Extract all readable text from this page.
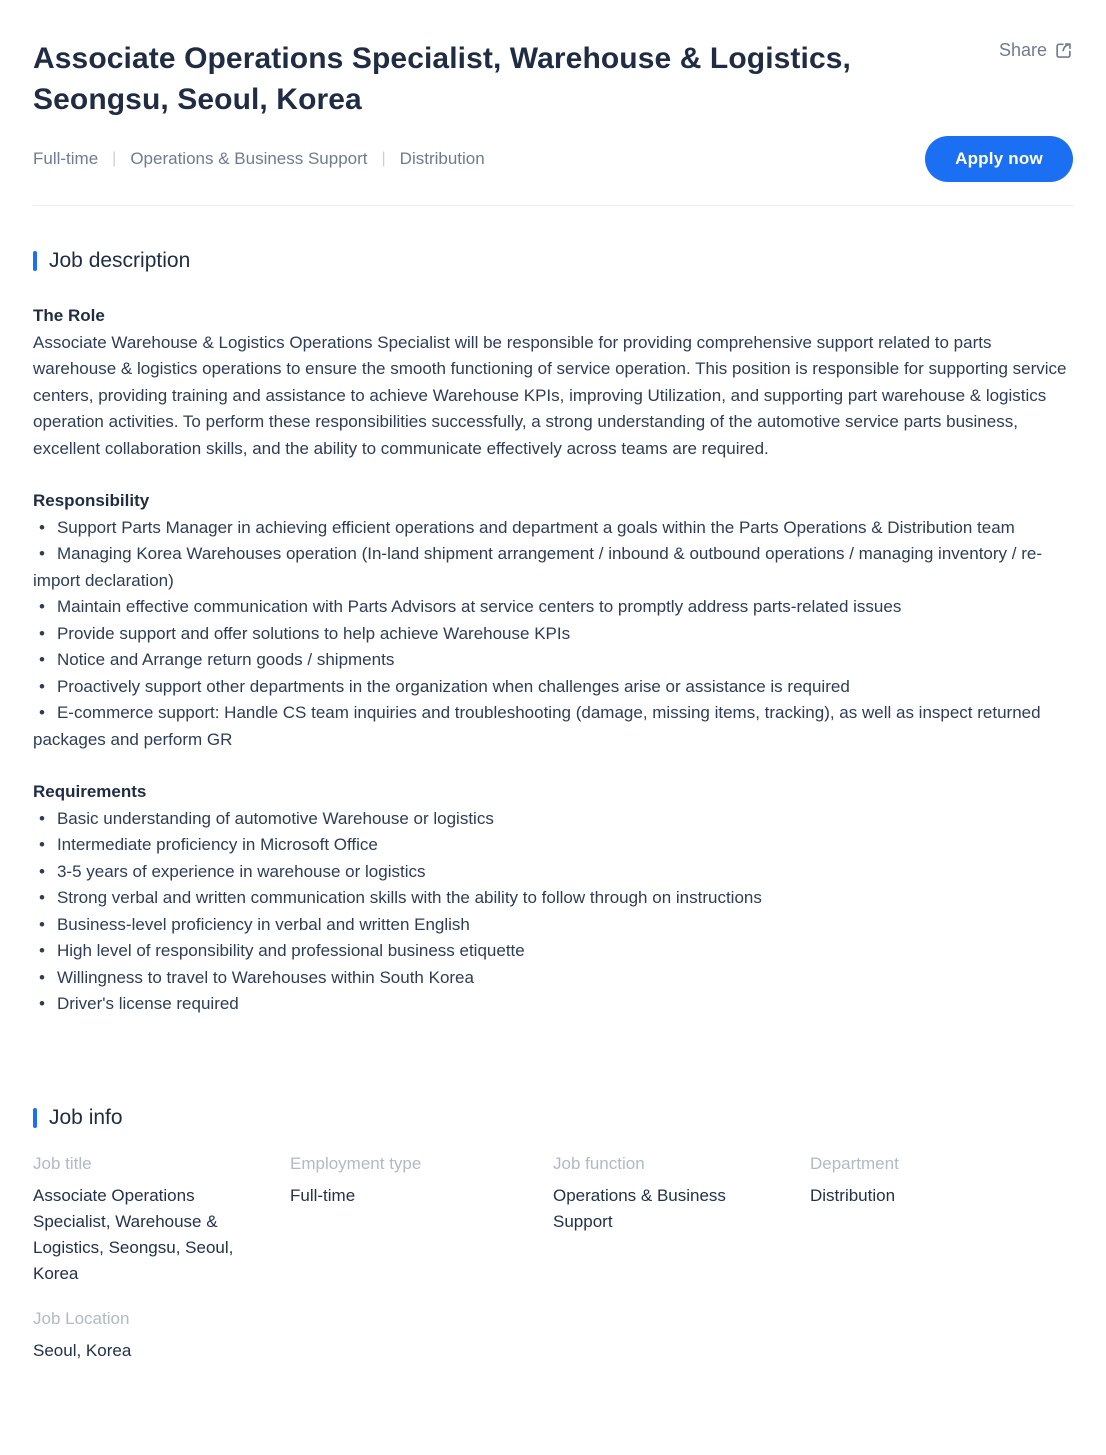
Associate Operations Specialist, Warehouse & Logistics, Seongsu, Seoul, Korea
Share
Full-time | Operations & Business Support | Distribution	Apply now
Job description
The Role

Associate Warehouse & Logistics Operations Specialist will be responsible for providing comprehensive support related to parts warehouse & logistics operations to ensure the smooth functioning of service operation. This position is responsible for supporting service centers, providing training and assistance to achieve Warehouse KPIs, improving Utilization, and supporting part warehouse & logistics operation activities. To perform these responsibilities successfully, a strong understanding of the automotive service parts business, excellent collaboration skills, and the ability to communicate effectively across teams are required.

Responsibility
• Support Parts Manager in achieving efficient operations and department a goals within the Parts Operations & Distribution team
• Managing Korea Warehouses operation (In-land shipment arrangement / inbound & outbound operations / managing inventory / re-import declaration)
• Maintain effective communication with Parts Advisors at service centers to promptly address parts-related issues
• Provide support and offer solutions to help achieve Warehouse KPIs
• Notice and Arrange return goods / shipments
• Proactively support other departments in the organization when challenges arise or assistance is required
• E-commerce support: Handle CS team inquiries and troubleshooting (damage, missing items, tracking), as well as inspect returned packages and perform GR
Requirements
• Basic understanding of automotive Warehouse or logistics
• Intermediate proficiency in Microsoft Office
• 3-5 years of experience in warehouse or logistics
• Strong verbal and written communication skills with the ability to follow through on instructions
• Business-level proficiency in verbal and written English
• High level of responsibility and professional business etiquette
• Willingness to travel to Warehouses within South Korea
• Driver's license required
Job info
Job title
Associate Operations Specialist, Warehouse & Logistics, Seongsu, Seoul, Korea
Employment type
Full-time
Job function
Operations & Business Support
Department
Distribution
Job Location
Seoul, Korea
